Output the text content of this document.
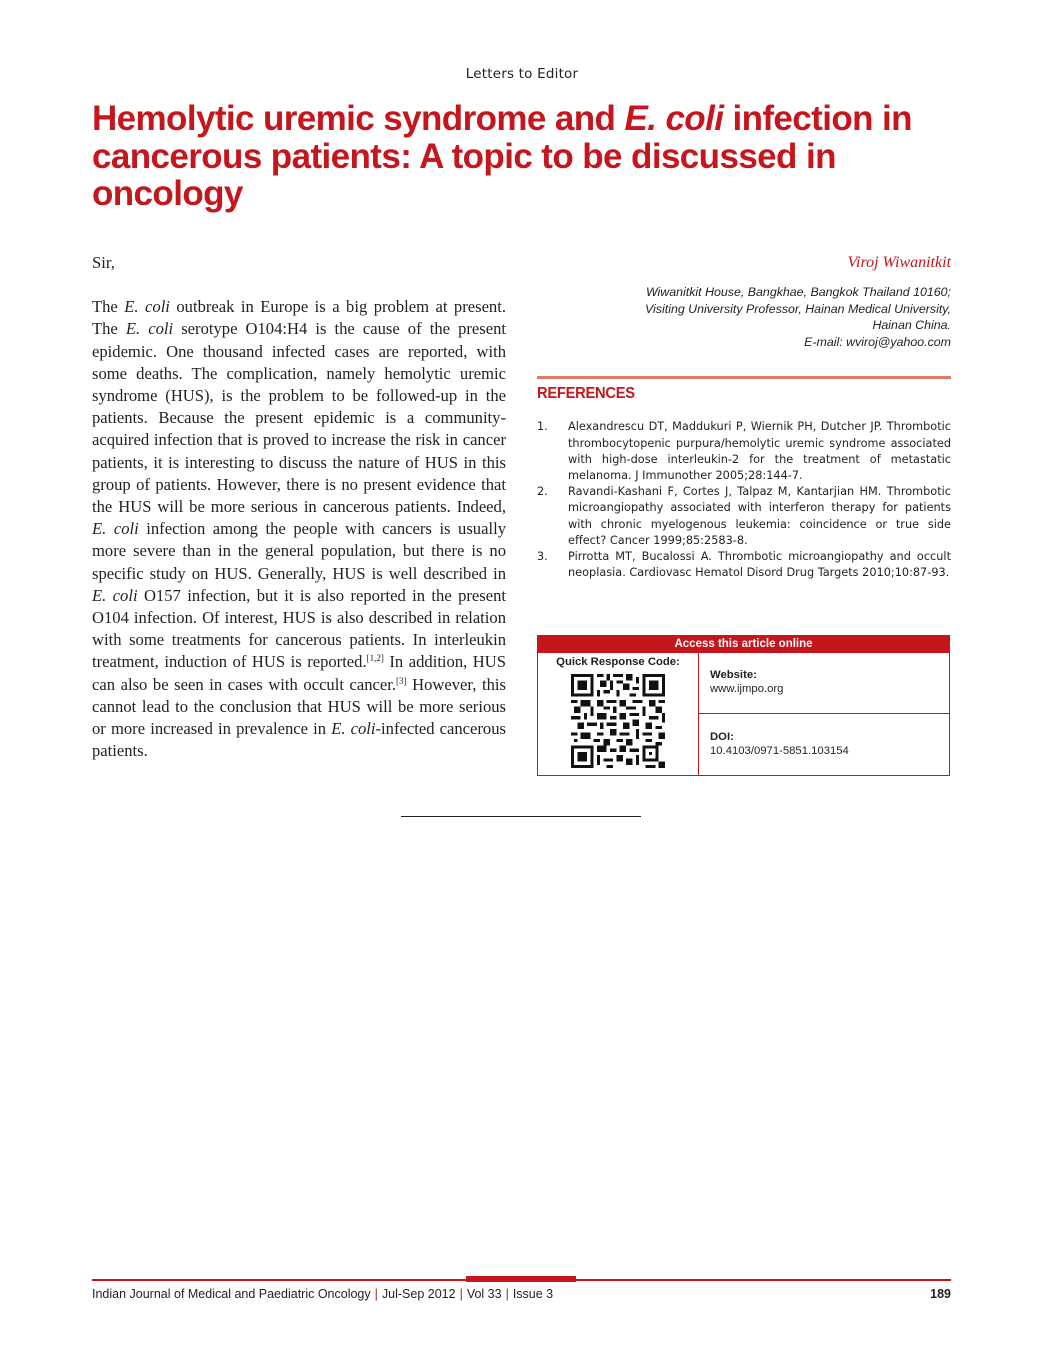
Letters to Editor
Hemolytic uremic syndrome and E. coli infection in cancerous patients: A topic to be discussed in oncology

Sir,

The E. coli outbreak in Europe is a big problem at present. The E. coli serotype O104:H4 is the cause of the present epidemic. One thousand infected cases are reported, with some deaths. The complication, namely hemolytic uremic syndrome (HUS), is the problem to be followed-up in the patients. Because the present epidemic is a community-acquired infection that is proved to increase the risk in cancer patients, it is interesting to discuss the nature of HUS in this group of patients. However, there is no present evidence that the HUS will be more serious in cancerous patients. Indeed, E. coli infection among the people with cancers is usually more severe than in the general population, but there is no specific study on HUS. Generally, HUS is well described in E. coli O157 infection, but it is also reported in the present O104 infection. Of interest, HUS is also described in relation with some treatments for cancerous patients. In interleukin treatment, induction of HUS is reported.[1,2] In addition, HUS can also be seen in cases with occult cancer.[3] However, this cannot lead to the conclusion that HUS will be more serious or more increased in prevalence in E. coli-infected cancerous patients.

Viroj Wiwanitkit

Wiwanitkit House, Bangkhae, Bangkok Thailand 10160;
Visiting University Professor, Hainan Medical University,
Hainan China.
E-mail: wviroj@yahoo.com

REFERENCES
1.	Alexandrescu DT, Maddukuri P, Wiernik PH, Dutcher JP. Thrombotic thrombocytopenic purpura/hemolytic uremic syndrome associated with high-dose interleukin-2 for the treatment of metastatic melanoma. J Immunother 2005;28:144-7.
2.	Ravandi-Kashani F, Cortes J, Talpaz M, Kantarjian HM. Thrombotic microangiopathy associated with interferon therapy for patients with chronic myelogenous leukemia: coincidence or true side effect? Cancer 1999;85:2583-8.
3.	Pirrotta MT, Bucalossi A. Thrombotic microangiopathy and occult neoplasia. Cardiovasc Hematol Disord Drug Targets 2010;10:87-93.
Access this article online
Quick Response Code:
Website:
www.ijmpo.org
DOI:
10.4103/0971-5851.103154
Indian Journal of Medical and Paediatric Oncology | Jul-Sep 2012 | Vol 33 | Issue 3	189
